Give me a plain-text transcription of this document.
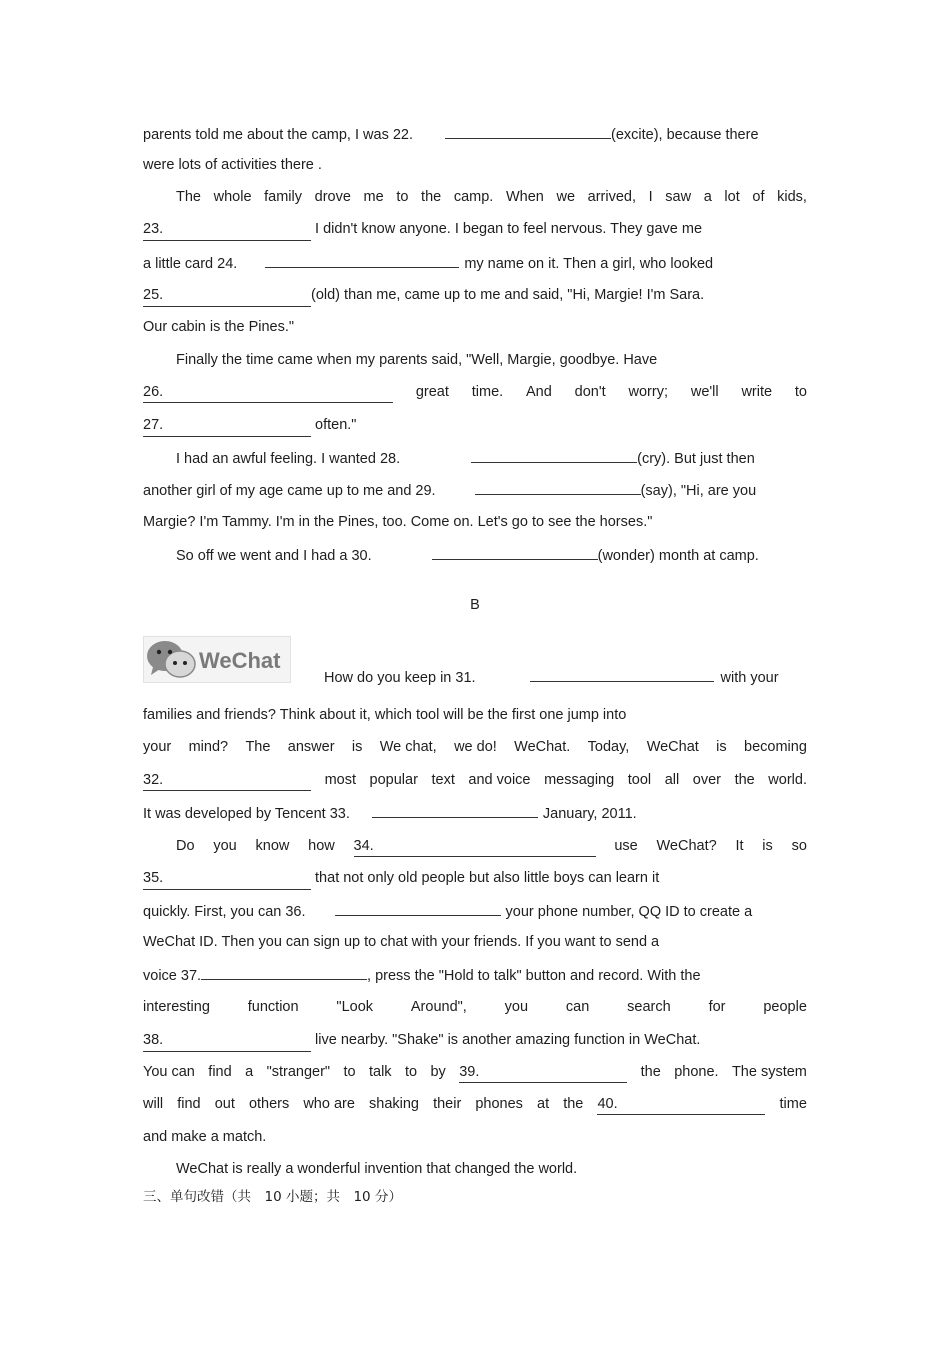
parents told me about the camp, I was 22.	(excite), because there
were lots of activities there .
The whole family drove me to the camp. When we arrived, I saw a lot of kids,
23.	I didn't know anyone. I began to feel nervous. They gave me
a little card 24.	my name on it. Then a girl, who looked
25.	(old) than me, came up to me and said, "Hi, Margie! I'm Sara.
Our cabin is the Pines."
Finally the time came when my parents said, "Well, Margie, goodbye. Have
26.	great time. And don't worry; we'll write to
27.	often."
I had an awful feeling. I wanted 28.	(cry). But just then
another girl of my age came up to me and 29.	(say), "Hi, are you
Margie? I'm Tammy. I'm in the Pines, too. Come on. Let's go to see the horses."
So off we went and I had a 30.	(wonder) month at camp.
B
WeChat
How do you keep in 31.	with your
families and friends? Think about it, which tool will be the first one jump into
your mind? The answer is We chat, we do! WeChat. Today, WeChat is becoming
32.	most popular text and voice messaging tool all over the world.
It was developed by Tencent 33.	January, 2011.
Do you know how 34.	use WeChat? It is so
35.	that not only old people but also little boys can learn it
quickly. First, you can 36.	your phone number, QQ ID to create a
WeChat ID. Then you can sign up to chat with your friends. If you want to send a
voice 37.	, press the "Hold to talk" button and record. With the
interesting	function	"Look	Around",	you	can	search	for	people
38.	live nearby. "Shake" is another amazing function in WeChat.
You can find a "stranger" to talk to by 39.	the phone. The system
will find out others who are shaking their phones at the 40.	time
and make a match.
WeChat is really a wonderful invention that changed the world.
三、单句改错（共　10 小题；共　10 分）
